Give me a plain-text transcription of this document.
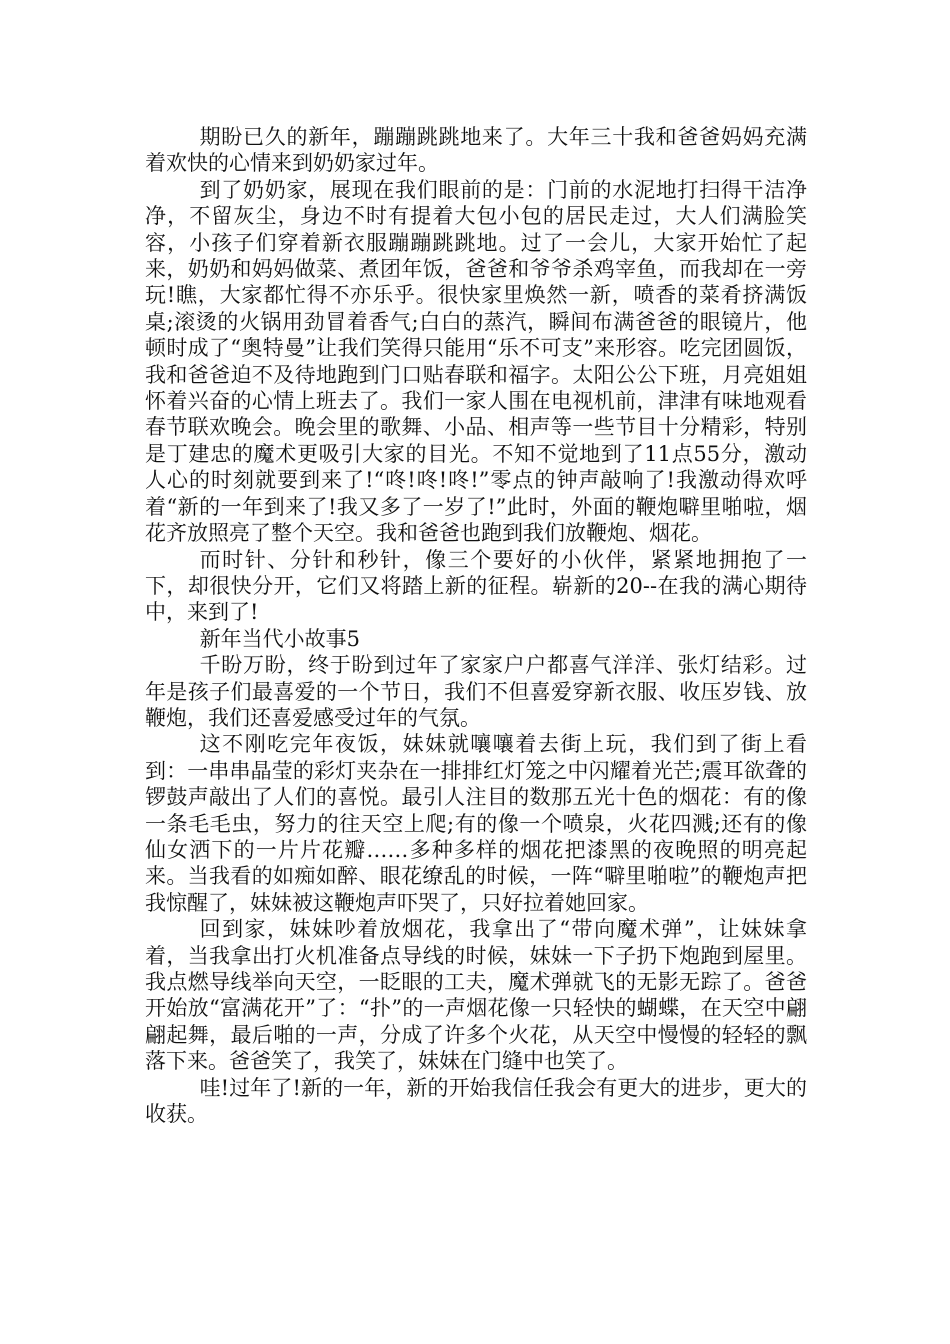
期盼已久的新年，蹦蹦跳跳地来了。大年三十我和爸爸妈妈充满着欢快的心情来到奶奶家过年。

到了奶奶家，展现在我们眼前的是：门前的水泥地打扫得干洁净净，不留灰尘，身边不时有提着大包小包的居民走过，大人们满脸笑容，小孩子们穿着新衣服蹦蹦跳跳地。过了一会儿，大家开始忙了起来，奶奶和妈妈做菜、煮团年饭，爸爸和爷爷杀鸡宰鱼，而我却在一旁玩!瞧，大家都忙得不亦乐乎。很快家里焕然一新，喷香的菜肴挤满饭桌;滚烫的火锅用劲冒着香气;白白的蒸汽，瞬间布满爸爸的眼镜片，他顿时成了“奥特曼”让我们笑得只能用“乐不可支”来形容。吃完团圆饭，我和爸爸迫不及待地跑到门口贴春联和福字。太阳公公下班，月亮姐姐怀着兴奋的心情上班去了。我们一家人围在电视机前，津津有味地观看春节联欢晚会。晚会里的歌舞、小品、相声等一些节目十分精彩，特别是丁建忠的魔术更吸引大家的目光。不知不觉地到了11点55分，激动人心的时刻就要到来了!“咚!咚!咚!”零点的钟声敲响了!我激动得欢呼着“新的一年到来了!我又多了一岁了!”此时，外面的鞭炮噼里啪啦，烟花齐放照亮了整个天空。我和爸爸也跑到我们放鞭炮、烟花。

而时针、分针和秒针，像三个要好的小伙伴，紧紧地拥抱了一下，却很快分开，它们又将踏上新的征程。崭新的20--在我的满心期待中，来到了!

新年当代小故事5

千盼万盼，终于盼到过年了家家户户都喜气洋洋、张灯结彩。过年是孩子们最喜爱的一个节日，我们不但喜爱穿新衣服、收压岁钱、放鞭炮，我们还喜爱感受过年的气氛。

这不刚吃完年夜饭，妹妹就嚷嚷着去街上玩，我们到了街上看到：一串串晶莹的彩灯夹杂在一排排红灯笼之中闪耀着光芒;震耳欲聋的锣鼓声敲出了人们的喜悦。最引人注目的数那五光十色的烟花：有的像一条毛毛虫，努力的往天空上爬;有的像一个喷泉，火花四溅;还有的像仙女洒下的一片片花瓣……多种多样的烟花把漆黑的夜晚照的明亮起来。当我看的如痴如醉、眼花缭乱的时候，一阵“噼里啪啦”的鞭炮声把我惊醒了，妹妹被这鞭炮声吓哭了，只好拉着她回家。

回到家，妹妹吵着放烟花，我拿出了“带向魔术弹”，让妹妹拿着，当我拿出打火机准备点导线的时候，妹妹一下子扔下炮跑到屋里。我点燃导线举向天空，一眨眼的工夫，魔术弹就飞的无影无踪了。爸爸开始放“富满花开”了：“扑”的一声烟花像一只轻快的蝴蝶，在天空中翩翩起舞，最后啪的一声，分成了许多个火花，从天空中慢慢的轻轻的飘落下来。爸爸笑了，我笑了，妹妹在门缝中也笑了。

哇!过年了!新的一年，新的开始我信任我会有更大的进步，更大的收获。
